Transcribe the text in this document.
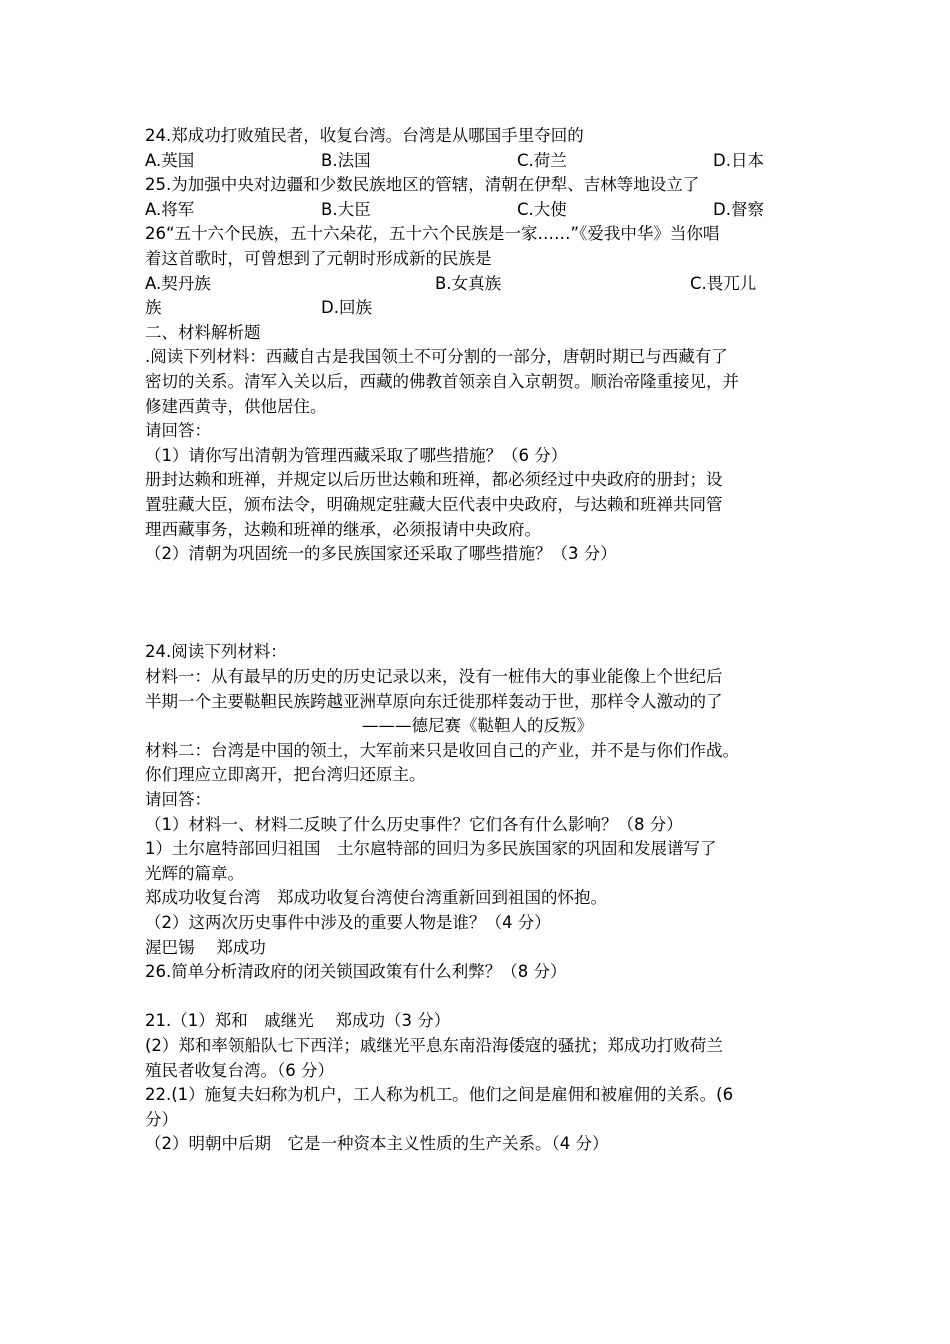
24.郑成功打败殖民者，收复台湾。台湾是从哪国手里夺回的
A.英国	B.法国	C.荷兰	D.日本
25.为加强中央对边疆和少数民族地区的管辖，清朝在伊犁、吉林等地设立了
A.将军	B.大臣	C.大使	D.督察
26“五十六个民族，五十六朵花，五十六个民族是一家……”《爱我中华》当你唱
着这首歌时，可曾想到了元朝时形成新的民族是
A.契丹族	B.女真族	C.畏兀儿
族	D.回族
二、材料解析题
.阅读下列材料：西藏自古是我国领土不可分割的一部分，唐朝时期已与西藏有了
密切的关系。清军入关以后，西藏的佛教首领亲自入京朝贺。顺治帝隆重接见，并
修建西黄寺，供他居住。
请回答：
（1）请你写出清朝为管理西藏采取了哪些措施？（6 分）
册封达赖和班禅，并规定以后历世达赖和班禅，都必须经过中央政府的册封；设
置驻藏大臣，颁布法令，明确规定驻藏大臣代表中央政府，与达赖和班禅共同管
理西藏事务，达赖和班禅的继承，必须报请中央政府。
（2）清朝为巩固统一的多民族国家还采取了哪些措施？（3 分）
24.阅读下列材料：
材料一：从有最早的历史的历史记录以来，没有一桩伟大的事业能像上个世纪后
半期一个主要鞑靼民族跨越亚洲草原向东迁徙那样轰动于世，那样令人激动的了
———德尼赛《鞑靼人的反叛》
材料二：台湾是中国的领土，大军前来只是收回自己的产业，并不是与你们作战。
你们理应立即离开，把台湾归还原主。
请回答：
（1）材料一、材料二反映了什么历史事件？它们各有什么影响？（8 分）
1）土尔扈特部回归祖国　土尔扈特部的回归为多民族国家的巩固和发展谱写了
光辉的篇章。
郑成功收复台湾　郑成功收复台湾使台湾重新回到祖国的怀抱。
（2）这两次历史事件中涉及的重要人物是谁？（4 分）
渥巴锡　 郑成功
26.简单分析清政府的闭关锁国政策有什么利弊？（8 分）
21.（1）郑和　戚继光　 郑成功（3 分）
(2）郑和率领船队七下西洋；戚继光平息东南沿海倭寇的骚扰；郑成功打败荷兰
殖民者收复台湾。（6 分）
22.(1）施复夫妇称为机户，工人称为机工。他们之间是雇佣和被雇佣的关系。(6
分）
（2）明朝中后期　它是一种资本主义性质的生产关系。（4 分）
